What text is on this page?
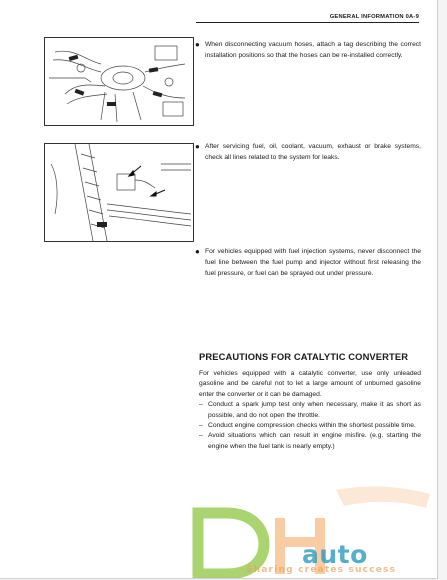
GENERAL INFORMATION 0A-9
● When disconnecting vacuum hoses, attach a tag describing the correct installation positions so that the hoses can be re-installed correctly.
● After servicing fuel, oil, coolant, vacuum, exhaust or brake systems, check all lines related to the system for leaks.
● For vehicles equipped with fuel injection systems, never disconnect the fuel line between the fuel pump and injector without first releasing the fuel pressure, or fuel can be sprayed out under pressure.
PRECAUTIONS FOR CATALYTIC CONVERTER

For vehicles equipped with a catalytic converter, use only unleaded gasoline and be careful not to let a large amount of unburned gasoline enter the converter or it can be damaged.

– Conduct a spark jump test only when necessary, make it as short as possible, and do not open the throttle.
– Conduct engine compression checks within the shortest possible time.
– Avoid situations which can result in engine misfire. (e.g. starting the engine when the fuel tank is nearly empty.)
auto
Sharing creates success
